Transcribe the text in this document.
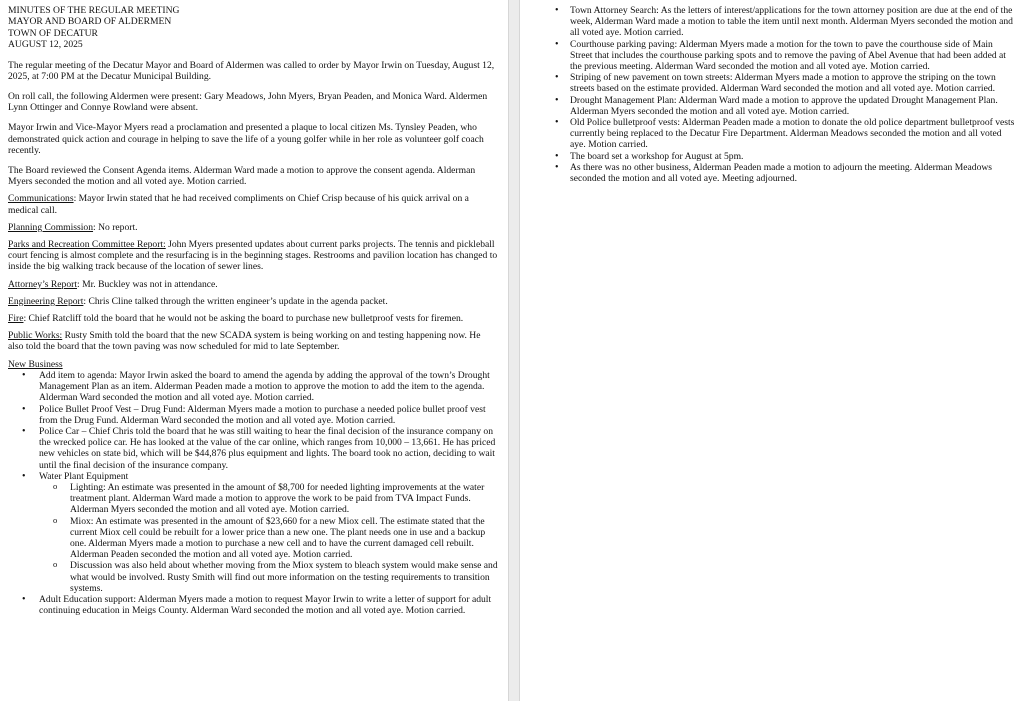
MINUTES OF THE REGULAR MEETING
MAYOR AND BOARD OF ALDERMEN
TOWN OF DECATUR
AUGUST 12, 2025

The regular meeting of the Decatur Mayor and Board of Aldermen was called to order by Mayor Irwin on Tuesday, August 12, 2025, at 7:00 PM at the Decatur Municipal Building.

On roll call, the following Aldermen were present: Gary Meadows, John Myers, Bryan Peaden, and Monica Ward. Aldermen Lynn Ottinger and Connye Rowland were absent.

Mayor Irwin and Vice-Mayor Myers read a proclamation and presented a plaque to local citizen Ms. Tynsley Peaden, who demonstrated quick action and courage in helping to save the life of a young golfer while in her role as volunteer golf coach recently.

The Board reviewed the Consent Agenda items. Alderman Ward made a motion to approve the consent agenda. Alderman Myers seconded the motion and all voted aye. Motion carried.

Communications: Mayor Irwin stated that he had received compliments on Chief Crisp because of his quick arrival on a medical call.

Planning Commission: No report.

Parks and Recreation Committee Report: John Myers presented updates about current parks projects. The tennis and pickleball court fencing is almost complete and the resurfacing is in the beginning stages. Restrooms and pavilion location has changed to inside the big walking track because of the location of sewer lines.

Attorney’s Report: Mr. Buckley was not in attendance.

Engineering Report: Chris Cline talked through the written engineer’s update in the agenda packet.

Fire: Chief Ratcliff told the board that he would not be asking the board to purchase new bulletproof vests for firemen.

Public Works: Rusty Smith told the board that the new SCADA system is being working on and testing happening now. He also told the board that the town paving was now scheduled for mid to late September.

New Business

• Add item to agenda: Mayor Irwin asked the board to amend the agenda by adding the approval of the town’s Drought Management Plan as an item. Alderman Peaden made a motion to approve the motion to add the item to the agenda. Alderman Ward seconded the motion and all voted aye. Motion carried.
• Police Bullet Proof Vest – Drug Fund: Alderman Myers made a motion to purchase a needed police bullet proof vest from the Drug Fund. Alderman Ward seconded the motion and all voted aye. Motion carried.
• Police Car – Chief Chris told the board that he was still waiting to hear the final decision of the insurance company on the wrecked police car. He has looked at the value of the car online, which ranges from 10,000 – 13,661. He has priced new vehicles on state bid, which will be $44,876 plus equipment and lights. The board took no action, deciding to wait until the final decision of the insurance company.
• Water Plant Equipment
o Lighting: An estimate was presented in the amount of $8,700 for needed lighting improvements at the water treatment plant. Alderman Ward made a motion to approve the work to be paid from TVA Impact Funds. Alderman Myers seconded the motion and all voted aye. Motion carried.
o Miox: An estimate was presented in the amount of $23,660 for a new Miox cell. The estimate stated that the current Miox cell could be rebuilt for a lower price than a new one. The plant needs one in use and a backup one. Alderman Myers made a motion to purchase a new cell and to have the current damaged cell rebuilt. Alderman Peaden seconded the motion and all voted aye. Motion carried.
o Discussion was also held about whether moving from the Miox system to bleach system would make sense and what would be involved. Rusty Smith will find out more information on the testing requirements to transition systems.
• Adult Education support: Alderman Myers made a motion to request Mayor Irwin to write a letter of support for adult continuing education in Meigs County. Alderman Ward seconded the motion and all voted aye. Motion carried.
• Town Attorney Search: As the letters of interest/applications for the town attorney position are due at the end of the week, Alderman Ward made a motion to table the item until next month. Alderman Myers seconded the motion and all voted aye. Motion carried.
• Courthouse parking paving: Alderman Myers made a motion for the town to pave the courthouse side of Main Street that includes the courthouse parking spots and to remove the paving of Abel Avenue that had been added at the previous meeting. Alderman Ward seconded the motion and all voted aye. Motion carried.
• Striping of new pavement on town streets: Alderman Myers made a motion to approve the striping on the town streets based on the estimate provided. Alderman Ward seconded the motion and all voted aye. Motion carried.
• Drought Management Plan: Alderman Ward made a motion to approve the updated Drought Management Plan. Alderman Myers seconded the motion and all voted aye. Motion carried.
• Old Police bulletproof vests: Alderman Peaden made a motion to donate the old police department bulletproof vests currently being replaced to the Decatur Fire Department. Alderman Meadows seconded the motion and all voted aye. Motion carried.
• The board set a workshop for August at 5pm.
• As there was no other business, Alderman Peaden made a motion to adjourn the meeting. Alderman Meadows seconded the motion and all voted aye. Meeting adjourned.
